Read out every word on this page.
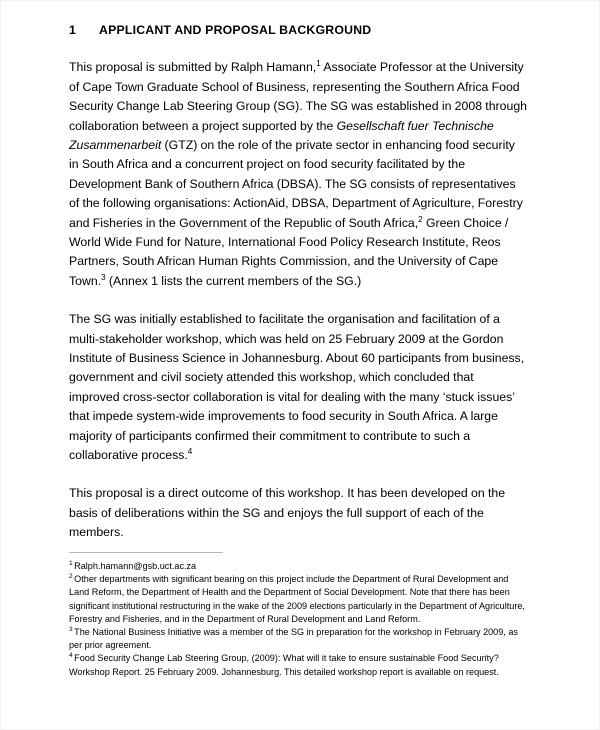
1 APPLICANT AND PROPOSAL BACKGROUND

This proposal is submitted by Ralph Hamann,$^1$ Associate Professor at the University of Cape Town Graduate School of Business, representing the Southern Africa Food Security Change Lab Steering Group (SG). The SG was established in 2008 through collaboration between a project supported by the Gesellschaft fuer Technische Zusammenarbeit (GTZ) on the role of the private sector in enhancing food security in South Africa and a concurrent project on food security facilitated by the Development Bank of Southern Africa (DBSA). The SG consists of representatives of the following organisations: ActionAid, DBSA, Department of Agriculture, Forestry and Fisheries in the Government of the Republic of South Africa,$^2$ Green Choice / World Wide Fund for Nature, International Food Policy Research Institute, Reos Partners, South African Human Rights Commission, and the University of Cape Town.$^3$ (Annex 1 lists the current members of the SG.)

The SG was initially established to facilitate the organisation and facilitation of a multi-stakeholder workshop, which was held on 25 February 2009 at the Gordon Institute of Business Science in Johannesburg. About 60 participants from business, government and civil society attended this workshop, which concluded that improved cross-sector collaboration is vital for dealing with the many ‘stuck issues’ that impede system-wide improvements to food security in South Africa. A large majority of participants confirmed their commitment to contribute to such a collaborative process.$^4$

This proposal is a direct outcome of this workshop. It has been developed on the basis of deliberations within the SG and enjoys the full support of each of the members.

$^1$ Ralph.hamann@gsb.uct.ac.za

$^2$ Other departments with significant bearing on this project include the Department of Rural Development and Land Reform, the Department of Health and the Department of Social Development. Note that there has been significant institutional restructuring in the wake of the 2009 elections particularly in the Department of Agriculture, Forestry and Fisheries, and in the Department of Rural Development and Land Reform.

$^3$ The National Business Initiative was a member of the SG in preparation for the workshop in February 2009, as per prior agreement.

$^4$ Food Security Change Lab Steering Group, (2009): What will it take to ensure sustainable Food Security? Workshop Report. 25 February 2009. Johannesburg. This detailed workshop report is available on request.
